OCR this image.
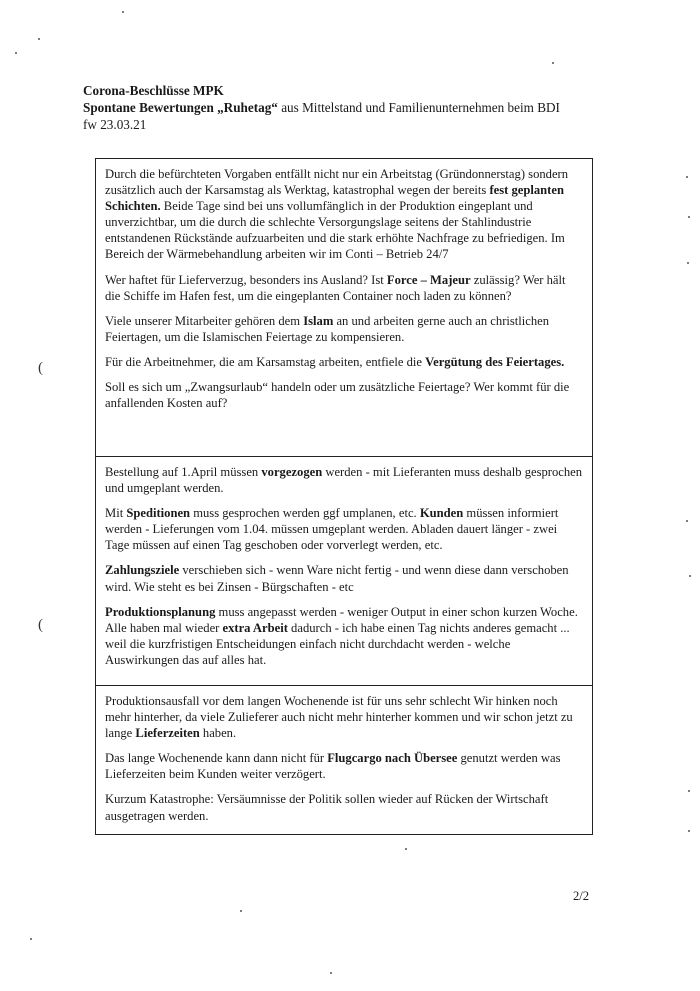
Corona-Beschlüsse MPK
Spontane Bewertungen „Ruhetag“ aus Mittelstand und Familienunternehmen beim BDI
fw 23.03.21

Durch die befürchteten Vorgaben entfällt nicht nur ein Arbeitstag (Gründonnerstag) sondern zusätzlich auch der Karsamstag als Werktag, katastrophal wegen der bereits fest geplanten Schichten. Beide Tage sind bei uns vollumfänglich in der Produktion eingeplant und unverzichtbar, um die durch die schlechte Versorgungslage seitens der Stahlindustrie entstandenen Rückstände aufzuarbeiten und die stark erhöhte Nachfrage zu befriedigen. Im Bereich der Wärmebehandlung arbeiten wir im Conti – Betrieb 24/7

Wer haftet für Lieferverzug, besonders ins Ausland? Ist Force – Majeur zulässig? Wer hält die Schiffe im Hafen fest, um die eingeplanten Container noch laden zu können?

Viele unserer Mitarbeiter gehören dem Islam an und arbeiten gerne auch an christlichen Feiertagen, um die Islamischen Feiertage zu kompensieren.

Für die Arbeitnehmer, die am Karsamstag arbeiten, entfiele die Vergütung des Feiertages.

Soll es sich um „Zwangsurlaub“ handeln oder um zusätzliche Feiertage? Wer kommt für die anfallenden Kosten auf?

Bestellung auf 1.April müssen vorgezogen werden - mit Lieferanten muss deshalb gesprochen und umgeplant werden.

Mit Speditionen muss gesprochen werden ggf umplanen, etc. Kunden müssen informiert werden - Lieferungen vom 1.04. müssen umgeplant werden. Abladen dauert länger - zwei Tage müssen auf einen Tag geschoben oder vorverlegt werden, etc.

Zahlungsziele verschieben sich - wenn Ware nicht fertig - und wenn diese dann verschoben wird. Wie steht es bei Zinsen - Bürgschaften - etc

Produktionsplanung muss angepasst werden - weniger Output in einer schon kurzen Woche. Alle haben mal wieder extra Arbeit dadurch - ich habe einen Tag nichts anderes gemacht ... weil die kurzfristigen Entscheidungen einfach nicht durchdacht werden - welche Auswirkungen das auf alles hat.

Produktionsausfall vor dem langen Wochenende ist für uns sehr schlecht Wir hinken noch mehr hinterher, da viele Zulieferer auch nicht mehr hinterher kommen und wir schon jetzt zu lange Lieferzeiten haben.

Das lange Wochenende kann dann nicht für Flugcargo nach Übersee genutzt werden was Lieferzeiten beim Kunden weiter verzögert.

Kurzum Katastrophe: Versäumnisse der Politik sollen wieder auf Rücken der Wirtschaft ausgetragen werden.

2/2
(
(
